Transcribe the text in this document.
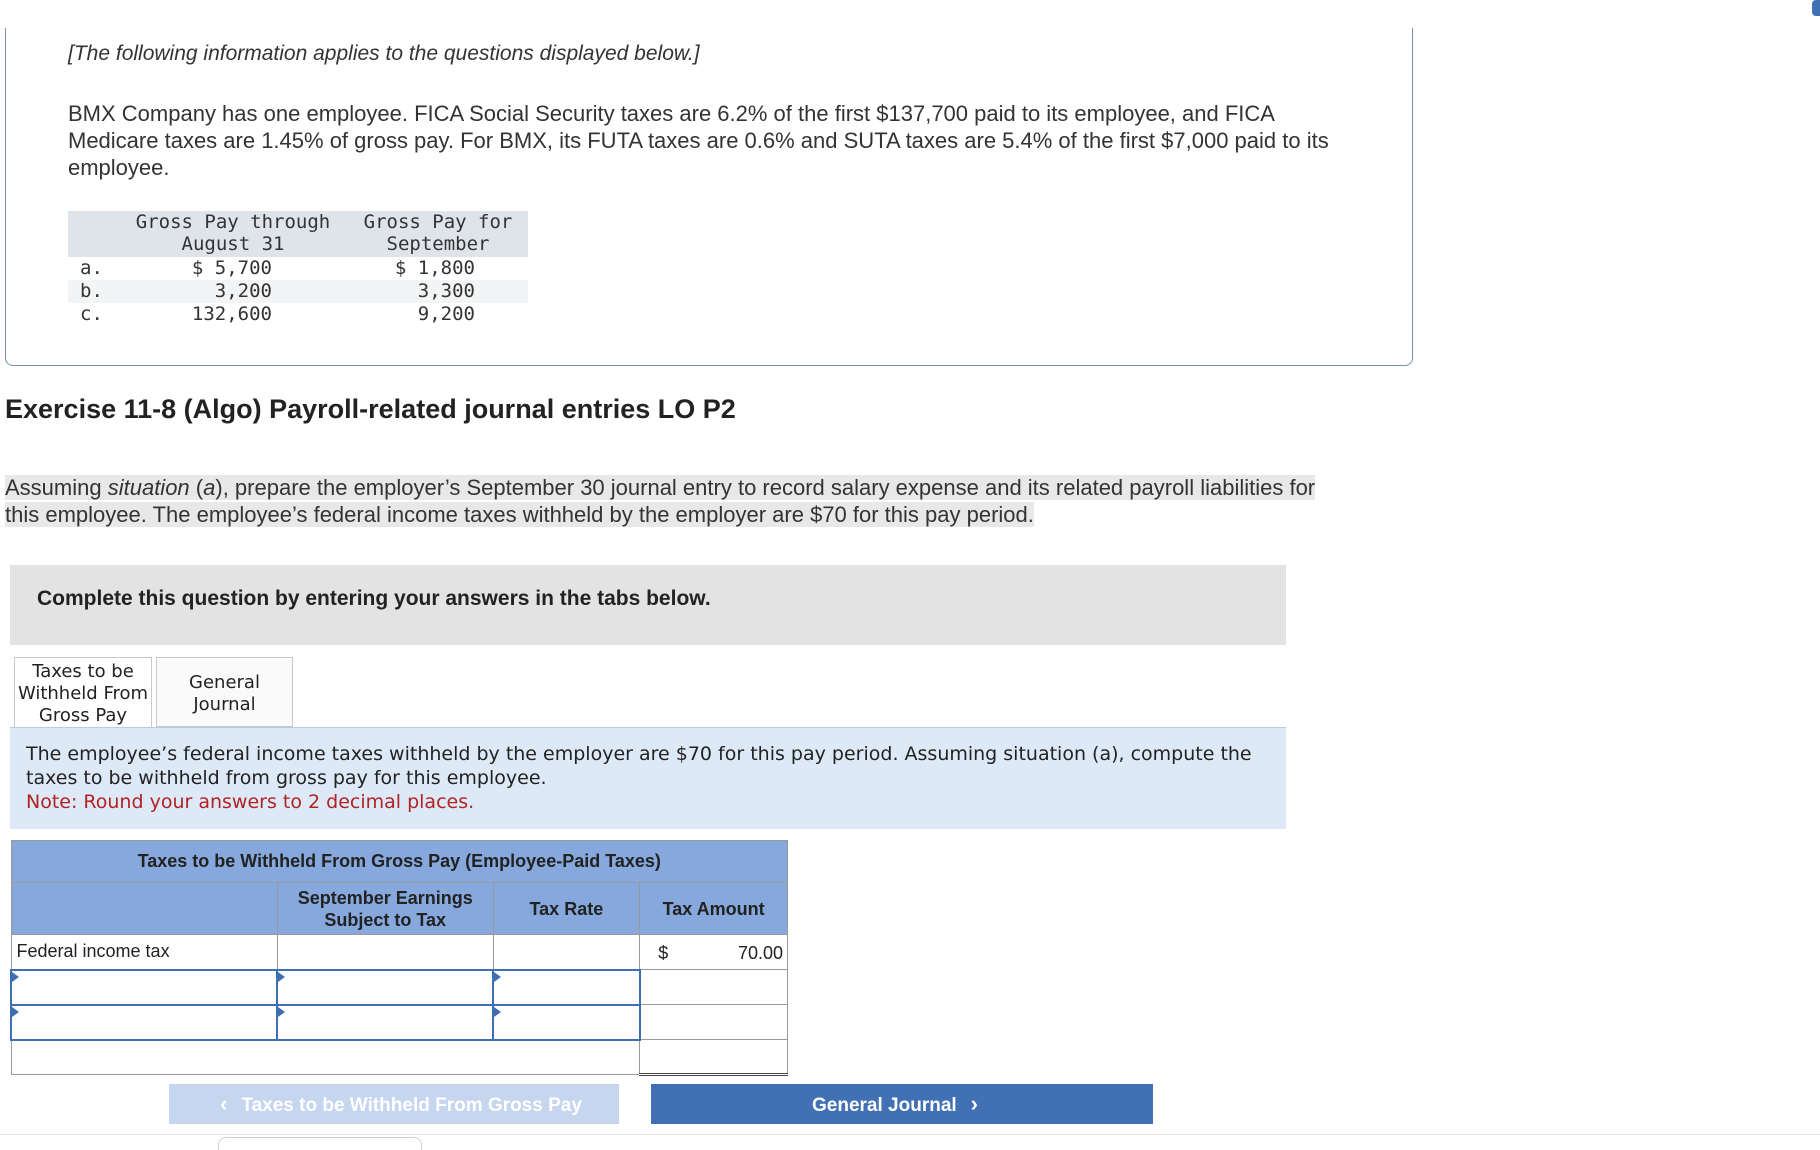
[The following information applies to the questions displayed below.]
BMX Company has one employee. FICA Social Security taxes are 6.2% of the first $137,700 paid to its employee, and FICA Medicare taxes are 1.45% of gross pay. For BMX, its FUTA taxes are 0.6% and SUTA taxes are 5.4% of the first $7,000 paid to its employee.
Gross Pay through
August 31
Gross Pay for
September
a.	$ 5,700	$ 1,800
b.	3,200	3,300
c.	132,600	9,200
Exercise 11-8 (Algo) Payroll-related journal entries LO P2
Assuming situation (a), prepare the employer’s September 30 journal entry to record salary expense and its related payroll liabilities for
this employee. The employee’s federal income taxes withheld by the employer are $70 for this pay period.
Complete this question by entering your answers in the tabs below.
Taxes to be
Withheld From
Gross Pay
General
Journal
The employee’s federal income taxes withheld by the employer are $70 for this pay period. Assuming situation (a), compute the taxes to be withheld from gross pay for this employee.
Note: Round your answers to 2 decimal places.
Taxes to be Withheld From Gross Pay (Employee-Paid Taxes)			

	September Earnings
Subject to Tax	Tax Rate	Tax Amount
Federal income tax			$ 70.00

‹ Taxes to be Withheld From Gross Pay	General Journal ›
